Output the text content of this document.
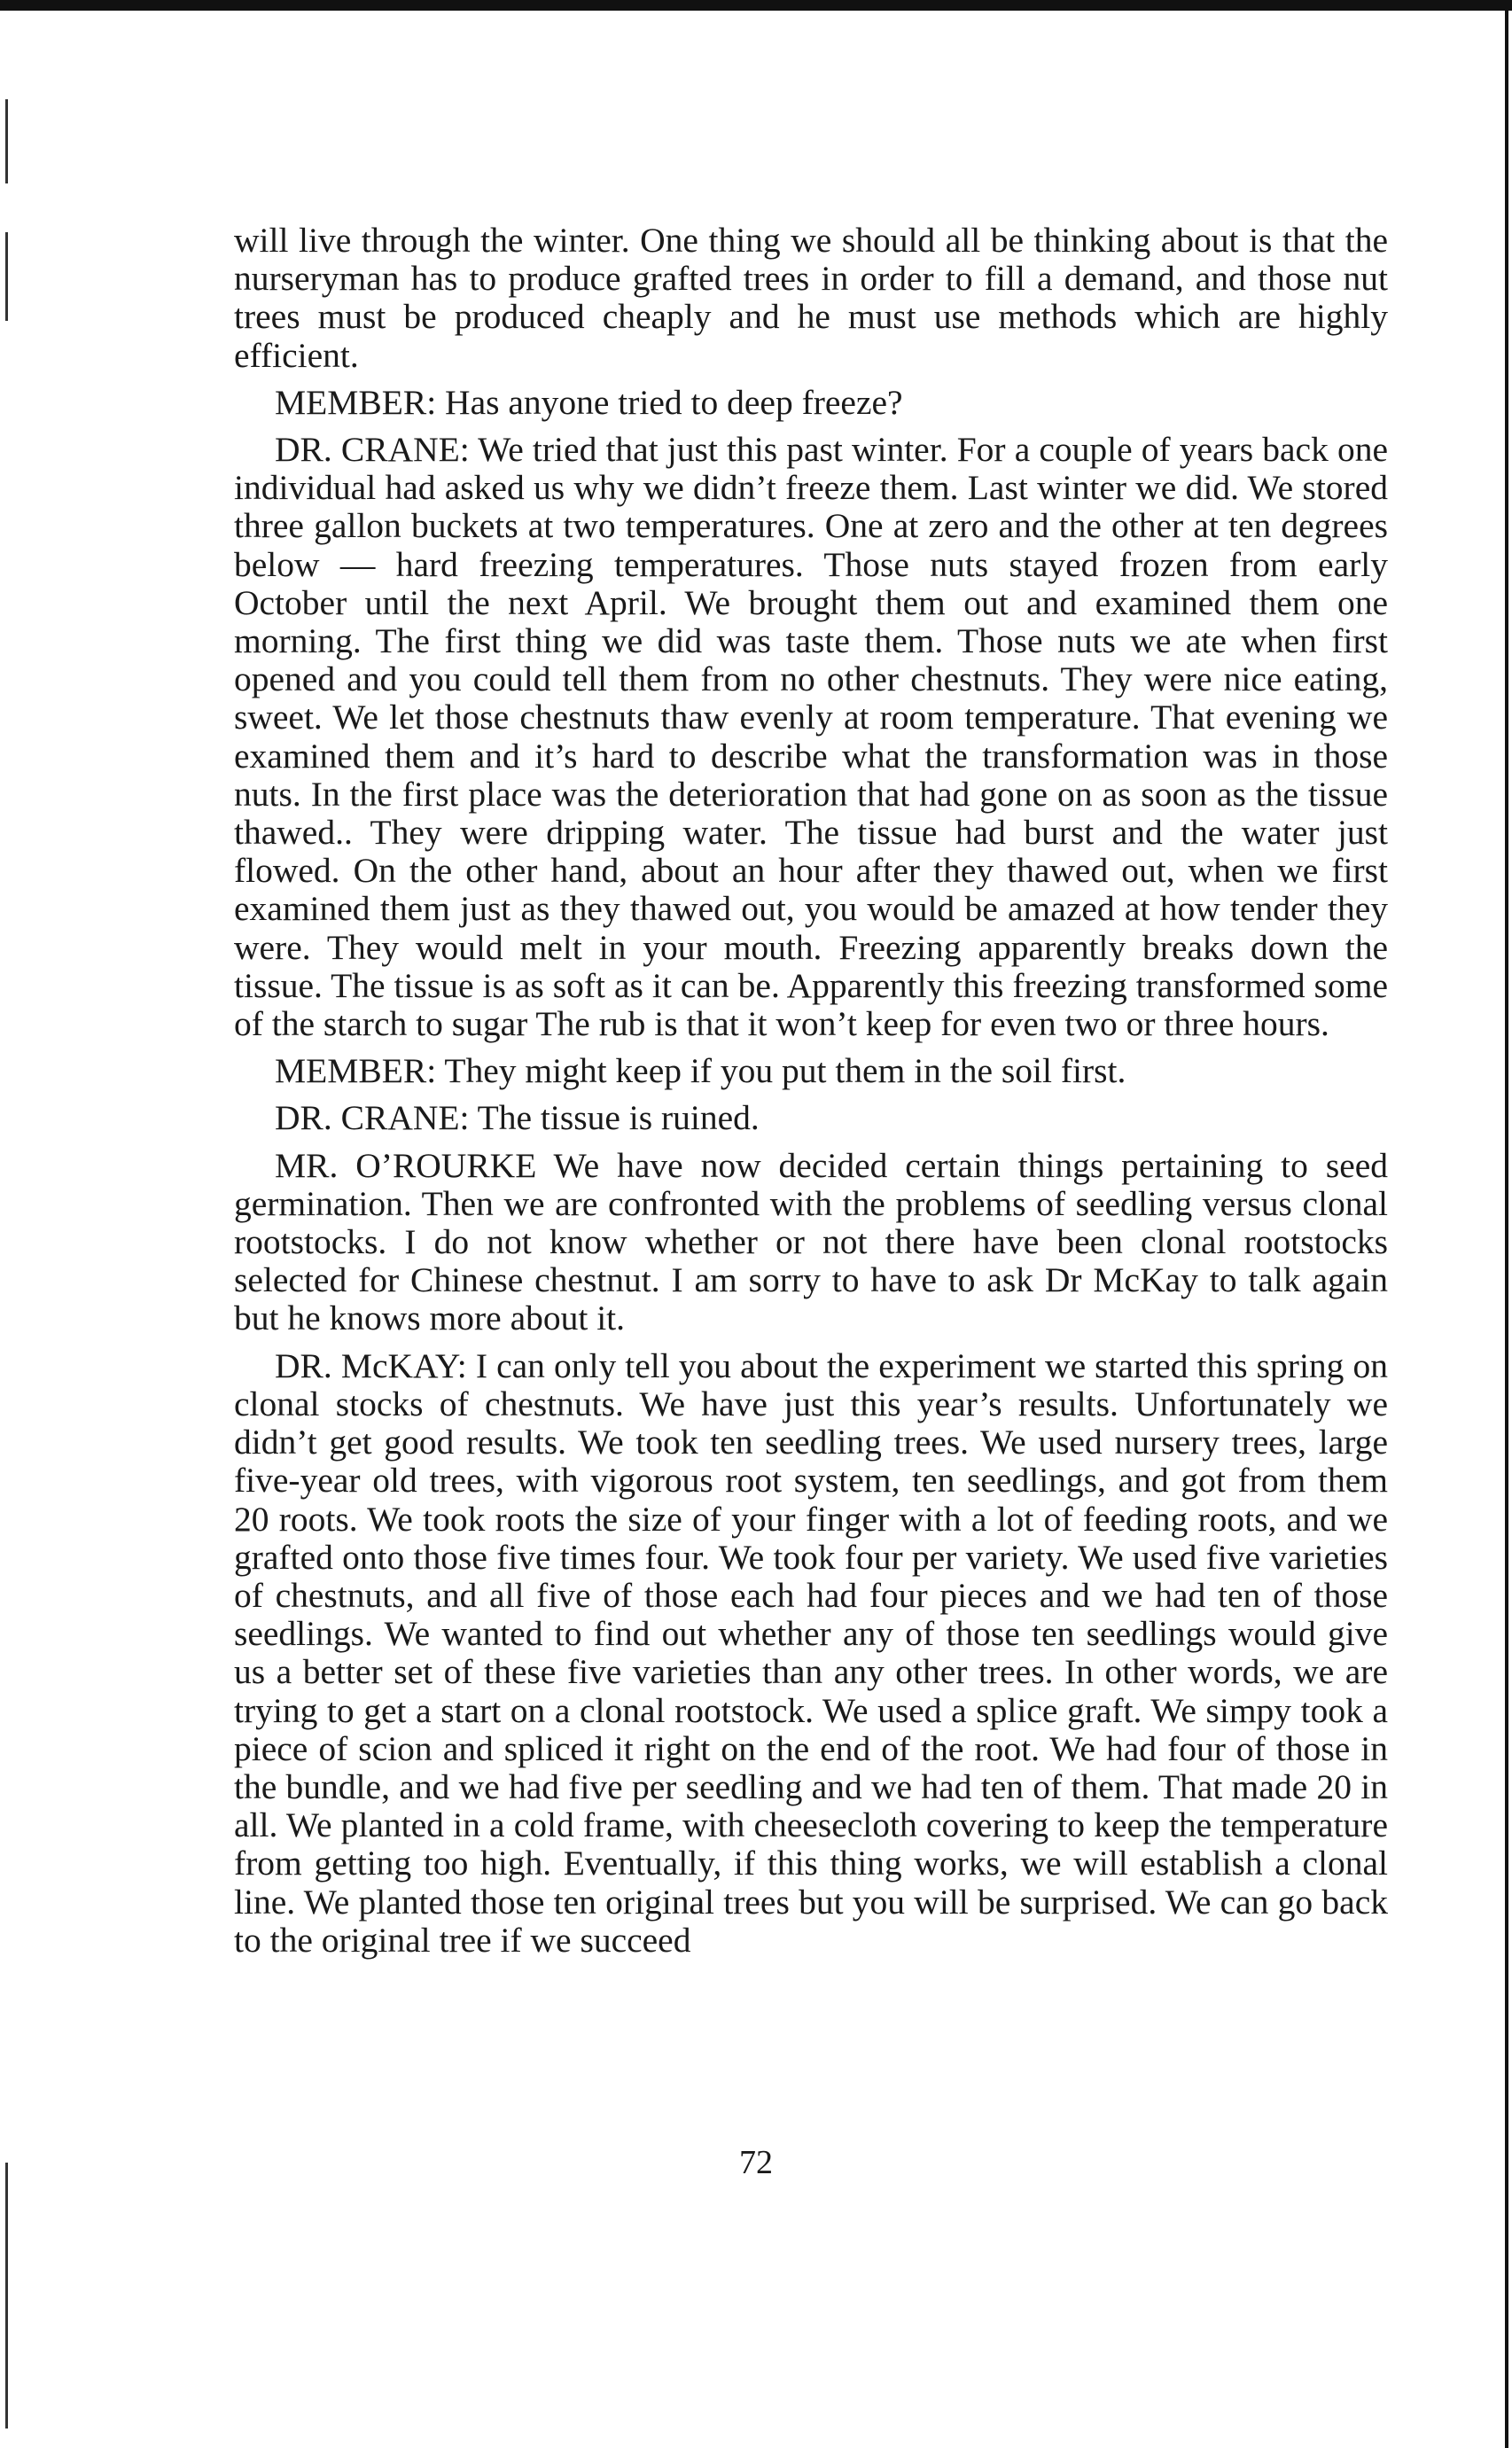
will live through the winter. One thing we should all be thinking about is that the nurseryman has to produce grafted trees in order to fill a demand, and those nut trees must be produced cheaply and he must use methods which are highly efficient.

MEMBER: Has anyone tried to deep freeze?

DR. CRANE: We tried that just this past winter. For a couple of years back one individual had asked us why we didn’t freeze them. Last winter we did. We stored three gallon buckets at two temperatures. One at zero and the other at ten degrees below — hard freezing temperatures. Those nuts stayed frozen from early October until the next April. We brought them out and examined them one morning. The first thing we did was taste them. Those nuts we ate when first opened and you could tell them from no other chestnuts. They were nice eating, sweet. We let those chestnuts thaw evenly at room temperature. That evening we examined them and it’s hard to describe what the transformation was in those nuts. In the first place was the deterioration that had gone on as soon as the tissue thawed.. They were dripping water. The tissue had burst and the water just flowed. On the other hand, about an hour after they thawed out, when we first examined them just as they thawed out, you would be amazed at how tender they were. They would melt in your mouth. Freezing apparently breaks down the tissue. The tissue is as soft as it can be. Apparently this freezing transformed some of the starch to sugar The rub is that it won’t keep for even two or three hours.

MEMBER: They might keep if you put them in the soil first.

DR. CRANE: The tissue is ruined.

MR. O’ROURKE We have now decided certain things pertaining to seed germination. Then we are confronted with the problems of seedling versus clonal rootstocks. I do not know whether or not there have been clonal rootstocks selected for Chinese chestnut. I am sorry to have to ask Dr McKay to talk again but he knows more about it.

DR. McKAY: I can only tell you about the experiment we started this spring on clonal stocks of chestnuts. We have just this year’s results. Unfortunately we didn’t get good results. We took ten seedling trees. We used nursery trees, large five-year old trees, with vigorous root system, ten seedlings, and got from them 20 roots. We took roots the size of your finger with a lot of feeding roots, and we grafted onto those five times four. We took four per variety. We used five varieties of chestnuts, and all five of those each had four pieces and we had ten of those seedlings. We wanted to find out whether any of those ten seedlings would give us a better set of these five varieties than any other trees. In other words, we are trying to get a start on a clonal rootstock. We used a splice graft. We simpy took a piece of scion and spliced it right on the end of the root. We had four of those in the bundle, and we had five per seedling and we had ten of them. That made 20 in all. We planted in a cold frame, with cheesecloth covering to keep the temperature from getting too high. Eventually, if this thing works, we will establish a clonal line. We planted those ten original trees but you will be surprised. We can go back to the original tree if we succeed

72
